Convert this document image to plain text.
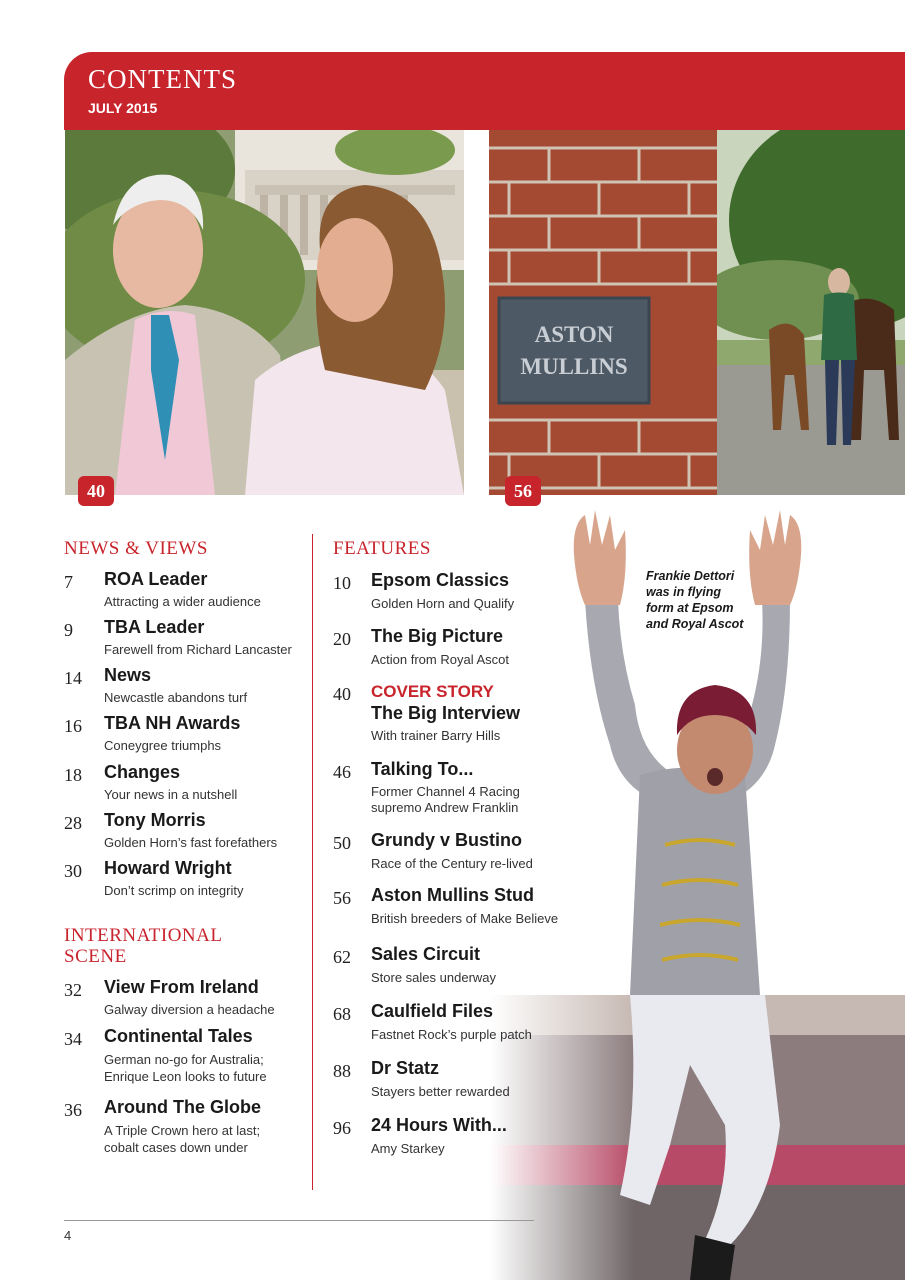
CONTENTS
JULY 2015
40
ASTON
MULLINS
56
Frankie Dettori
was in flying
form at Epsom
and Royal Ascot
NEWS & VIEWS
7 ROA Leader
Attracting a wider audience
9 TBA Leader
Farewell from Richard Lancaster
14 News
Newcastle abandons turf
16 TBA NH Awards
Coneygree triumphs
18 Changes
Your news in a nutshell
28 Tony Morris
Golden Horn’s fast forefathers
30 Howard Wright
Don’t scrimp on integrity
INTERNATIONAL
SCENE
32 View From Ireland
Galway diversion a headache
34 Continental Tales
German no-go for Australia;
Enrique Leon looks to future
36 Around The Globe
A Triple Crown hero at last;
cobalt cases down under
FEATURES
10 Epsom Classics
Golden Horn and Qualify
20 The Big Picture
Action from Royal Ascot
40 COVER STORY
The Big Interview
With trainer Barry Hills
46 Talking To...
Former Channel 4 Racing
supremo Andrew Franklin
50 Grundy v Bustino
Race of the Century re-lived
56 Aston Mullins Stud
British breeders of Make Believe
62 Sales Circuit
Store sales underway
68 Caulfield Files
Fastnet Rock’s purple patch
88 Dr Statz
Stayers better rewarded
96 24 Hours With...
Amy Starkey
4
